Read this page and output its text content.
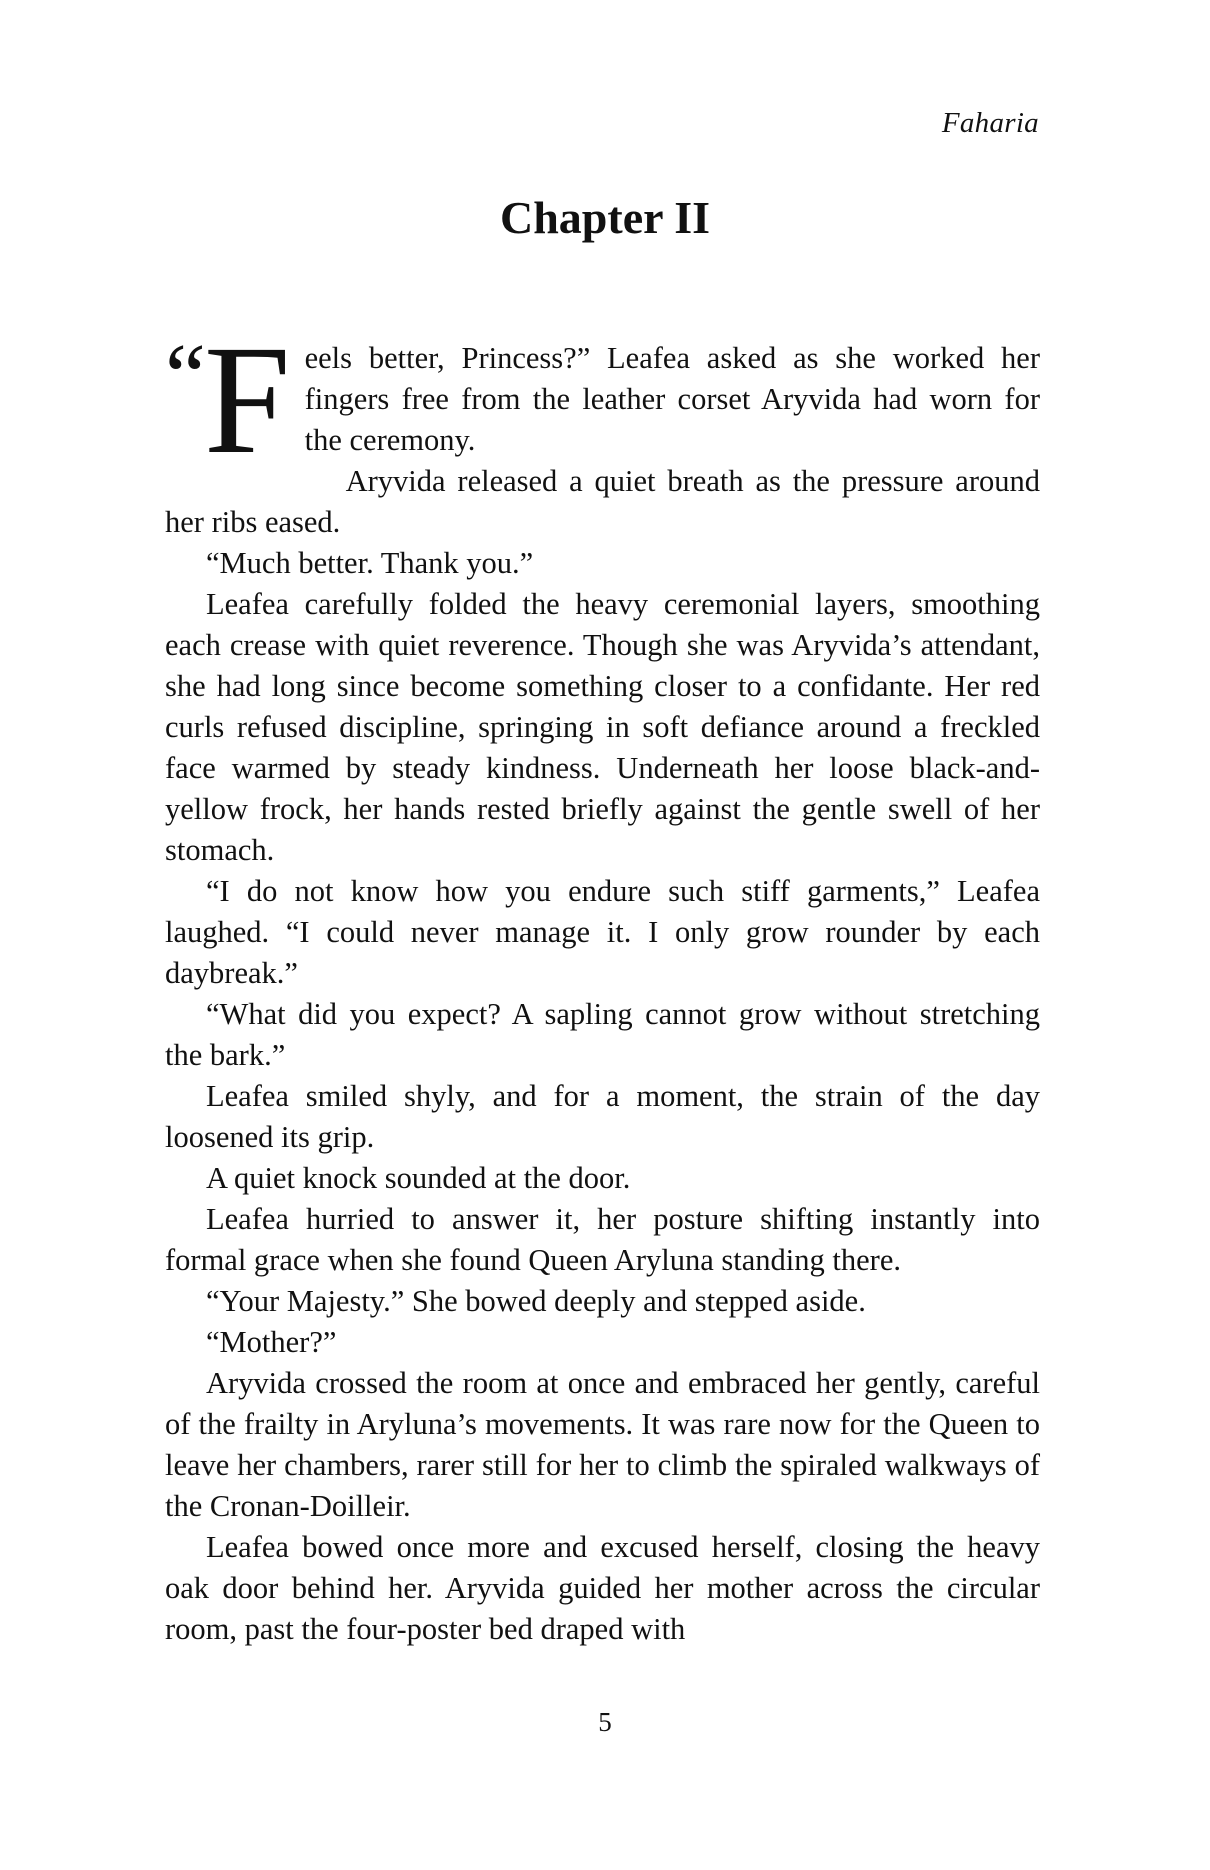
Faharia
Chapter II

“ F eels better, Princess?” Leafea asked as she worked her fingers free from the leather corset Aryvida had worn for the ceremony.

Aryvida released a quiet breath as the pressure around her ribs eased.

“Much better. Thank you.”

Leafea carefully folded the heavy ceremonial layers, smoothing each crease with quiet reverence. Though she was Aryvida’s attendant, she had long since become something closer to a confidante. Her red curls refused discipline, springing in soft defiance around a freckled face warmed by steady kindness. Underneath her loose black-and-yellow frock, her hands rested briefly against the gentle swell of her stomach.

“I do not know how you endure such stiff garments,” Leafea laughed. “I could never manage it. I only grow rounder by each daybreak.”

“What did you expect? A sapling cannot grow without stretching the bark.”

Leafea smiled shyly, and for a moment, the strain of the day loosened its grip.

A quiet knock sounded at the door.

Leafea hurried to answer it, her posture shifting instantly into formal grace when she found Queen Aryluna standing there.

“Your Majesty.” She bowed deeply and stepped aside.

“Mother?”

Aryvida crossed the room at once and embraced her gently, careful of the frailty in Aryluna’s movements. It was rare now for the Queen to leave her chambers, rarer still for her to climb the spiraled walkways of the Cronan-Doilleir.

Leafea bowed once more and excused herself, closing the heavy oak door behind her. Aryvida guided her mother across the circular room, past the four-poster bed draped with

5
